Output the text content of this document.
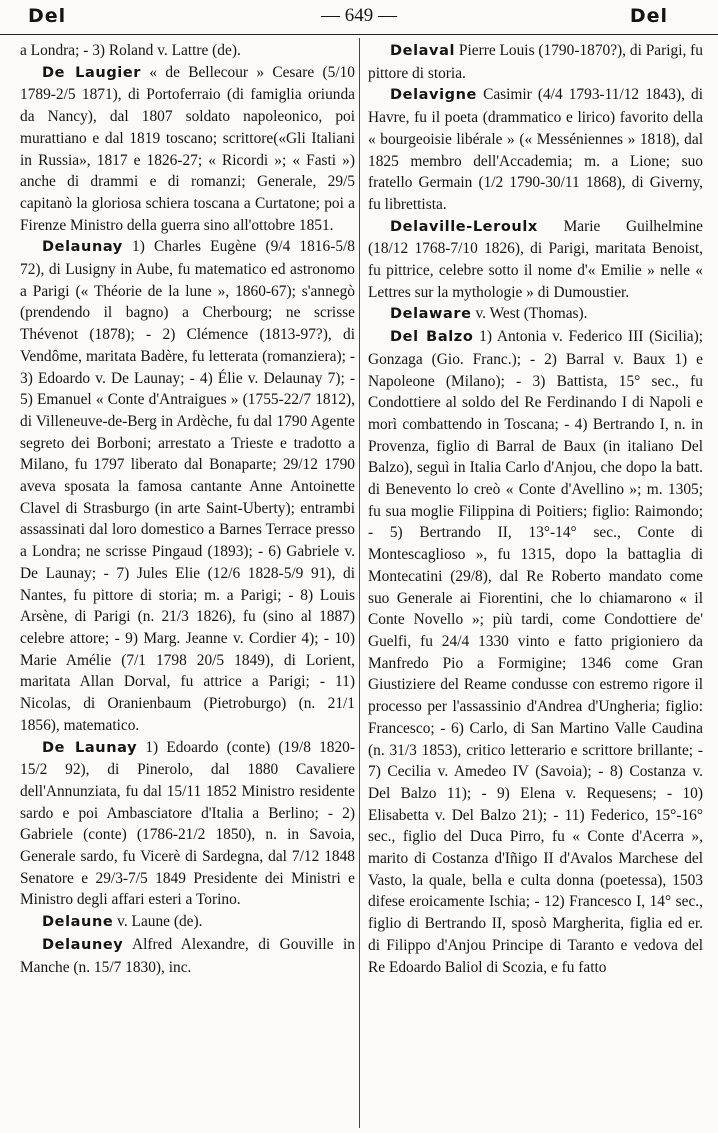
Del	— 649 —	Del

a Londra; - 3) Roland v. Lattre (de).

De Laugier « de Bellecour » Cesare (5/10 1789-2/5 1871), di Portoferraio (di famiglia oriunda da Nancy), dal 1807 soldato napoleonico, poi murattiano e dal 1819 toscano; scrittore(«Gli Italiani in Russia», 1817 e 1826-27; « Ricordi »; « Fasti ») anche di drammi e di romanzi; Generale, 29/5 capitanò la gloriosa schiera toscana a Curtatone; poi a Firenze Ministro della guerra sino all'ottobre 1851.

Delaunay 1) Charles Eugène (9/4 1816-5/8 72), di Lusigny in Aube, fu matematico ed astronomo a Parigi (« Théorie de la lune », 1860-67); s'annegò (prendendo il bagno) a Cherbourg; ne scrisse Thévenot (1878); - 2) Clémence (1813-97?), di Vendôme, maritata Badère, fu letterata (romanziera); - 3) Edoardo v. De Launay; - 4) Élie v. Delaunay 7); - 5) Emanuel « Conte d'Antraigues » (1755-22/7 1812), di Villeneuve-de-Berg in Ardèche, fu dal 1790 Agente segreto dei Borboni; arrestato a Trieste e tradotto a Milano, fu 1797 liberato dal Bonaparte; 29/12 1790 aveva sposata la famosa cantante Anne Antoinette Clavel di Strasburgo (in arte Saint-Uberty); entrambi assassinati dal loro domestico a Barnes Terrace presso a Londra; ne scrisse Pingaud (1893); - 6) Gabriele v. De Launay; - 7) Jules Elie (12/6 1828-5/9 91), di Nantes, fu pittore di storia; m. a Parigi; - 8) Louis Arsène, di Parigi (n. 21/3 1826), fu (sino al 1887) celebre attore; - 9) Marg. Jeanne v. Cordier 4); - 10) Marie Amélie (7/1 1798 20/5 1849), di Lorient, maritata Allan Dorval, fu attrice a Parigi; - 11) Nicolas, di Oranienbaum (Pietroburgo) (n. 21/1 1856), matematico.

De Launay 1) Edoardo (conte) (19/8 1820-15/2 92), di Pinerolo, dal 1880 Cavaliere dell'Annunziata, fu dal 15/11 1852 Ministro residente sardo e poi Ambasciatore d'Italia a Berlino; - 2) Gabriele (conte) (1786-21/2 1850), n. in Savoia, Generale sardo, fu Vicerè di Sardegna, dal 7/12 1848 Senatore e 29/3-7/5 1849 Presidente dei Ministri e Ministro degli affari esteri a Torino.

Delaune v. Laune (de).

Delauney Alfred Alexandre, di Gouville in Manche (n. 15/7 1830), inc.

Delaval Pierre Louis (1790-1870?), di Parigi, fu pittore di storia.

Delavigne Casimir (4/4 1793-11/12 1843), di Havre, fu il poeta (drammatico e lirico) favorito della « bourgeoisie libérale » (« Messéniennes » 1818), dal 1825 membro dell'Accademia; m. a Lione; suo fratello Germain (1/2 1790-30/11 1868), di Giverny, fu librettista.

Delaville-Leroulx Marie Guilhelmine (18/12 1768-7/10 1826), di Parigi, maritata Benoist, fu pittrice, celebre sotto il nome d'« Emilie » nelle « Lettres sur la mythologie » di Dumoustier.

Delaware v. West (Thomas).

Del Balzo 1) Antonia v. Federico III (Sicilia); Gonzaga (Gio. Franc.); - 2) Barral v. Baux 1) e Napoleone (Milano); - 3) Battista, 15° sec., fu Condottiere al soldo del Re Ferdinando I di Napoli e morì combattendo in Toscana; - 4) Bertrando I, n. in Provenza, figlio di Barral de Baux (in italiano Del Balzo), seguì in Italia Carlo d'Anjou, che dopo la batt. di Benevento lo creò « Conte d'Avellino »; m. 1305; fu sua moglie Filippina di Poitiers; figlio: Raimondo; - 5) Bertrando II, 13°-14° sec., Conte di Montescaglioso », fu 1315, dopo la battaglia di Montecatini (29/8), dal Re Roberto mandato come suo Generale ai Fiorentini, che lo chiamarono « il Conte Novello »; più tardi, come Condottiere de' Guelfi, fu 24/4 1330 vinto e fatto prigioniero da Manfredo Pio a Formigine; 1346 come Gran Giustiziere del Reame condusse con estremo rigore il processo per l'assassinio d'Andrea d'Ungheria; figlio: Francesco; - 6) Carlo, di San Martino Valle Caudina (n. 31/3 1853), critico letterario e scrittore brillante; - 7) Cecilia v. Amedeo IV (Savoia); - 8) Costanza v. Del Balzo 11); - 9) Elena v. Requesens; - 10) Elisabetta v. Del Balzo 21); - 11) Federico, 15°-16° sec., figlio del Duca Pirro, fu « Conte d'Acerra », marito di Costanza d'Iñigo II d'Avalos Marchese del Vasto, la quale, bella e culta donna (poetessa), 1503 difese eroicamente Ischia; - 12) Francesco I, 14° sec., figlio di Bertrando II, sposò Margherita, figlia ed er. di Filippo d'Anjou Principe di Taranto e vedova del Re Edoardo Baliol di Scozia, e fu fatto
